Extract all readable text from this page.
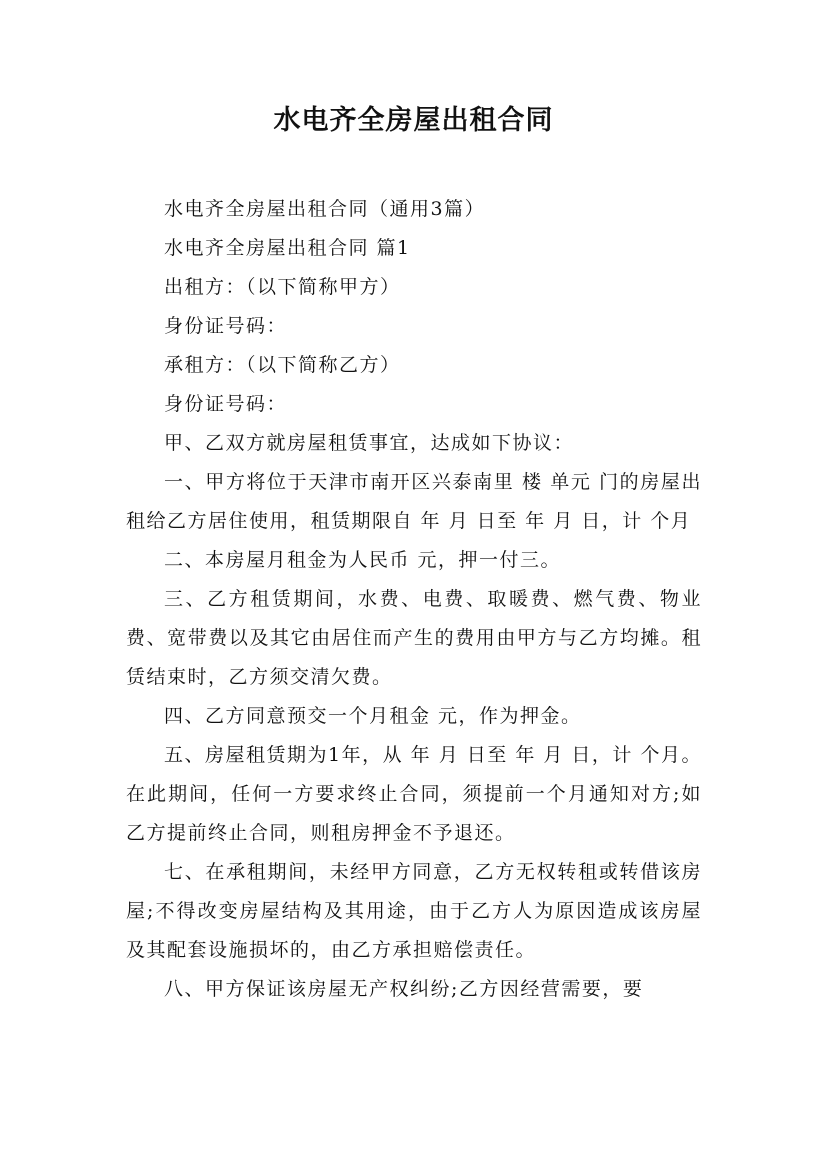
水电齐全房屋出租合同

水电齐全房屋出租合同（通用3篇）

水电齐全房屋出租合同 篇1

出租方：（以下简称甲方）

身份证号码：

承租方：（以下简称乙方）

身份证号码：

甲、乙双方就房屋租赁事宜，达成如下协议：

一、甲方将位于天津市南开区兴泰南里 楼 单元 门的房屋出租给乙方居住使用，租赁期限自 年 月 日至 年 月 日，计 个月

二、本房屋月租金为人民币 元，押一付三。

三、乙方租赁期间，水费、电费、取暖费、燃气费、物业费、宽带费以及其它由居住而产生的费用由甲方与乙方均摊。租赁结束时，乙方须交清欠费。

四、乙方同意预交一个月租金 元，作为押金。

五、房屋租赁期为1年，从 年 月 日至 年 月 日，计 个月。在此期间，任何一方要求终止合同，须提前一个月通知对方;如乙方提前终止合同，则租房押金不予退还。

七、在承租期间，未经甲方同意，乙方无权转租或转借该房屋;不得改变房屋结构及其用途，由于乙方人为原因造成该房屋及其配套设施损坏的，由乙方承担赔偿责任。

八、甲方保证该房屋无产权纠纷;乙方因经营需要，要
